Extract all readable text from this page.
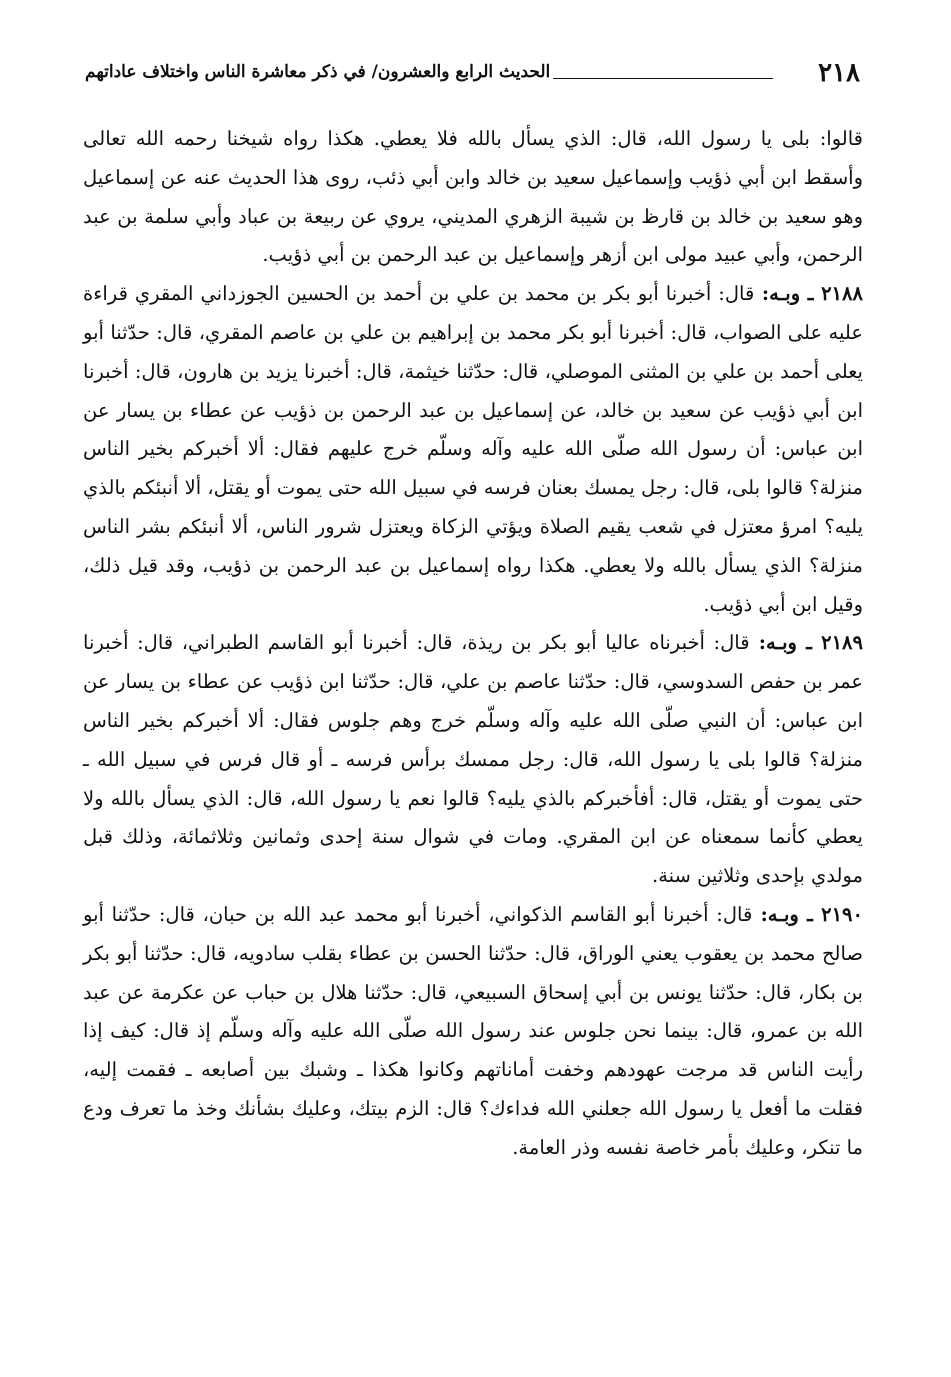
٢١٨
الحديث الرابع والعشرون/ في ذكر معاشرة الناس واختلاف عاداتهم

قالوا: بلى يا رسول الله، قال: الذي يسأل بالله فلا يعطي. هكذا رواه شيخنا رحمه الله تعالى وأسقط ابن أبي ذؤيب وإسماعيل سعيد بن خالد وابن أبي ذئب، روى هذا الحديث عنه عن إسماعيل وهو سعيد بن خالد بن قارظ بن شيبة الزهري المديني، يروي عن ربيعة بن عباد وأبي سلمة بن عبد الرحمن، وأبي عبيد مولى ابن أزهر وإسماعيل بن عبد الرحمن بن أبي ذؤيب.

٢١٨٨ ـ وبـه: قال: أخبرنا أبو بكر بن محمد بن علي بن أحمد بن الحسين الجوزداني المقري قراءة عليه على الصواب، قال: أخبرنا أبو بكر محمد بن إبراهيم بن علي بن عاصم المقري، قال: حدّثنا أبو يعلى أحمد بن علي بن المثنى الموصلي، قال: حدّثنا خيثمة، قال: أخبرنا يزيد بن هارون، قال: أخبرنا ابن أبي ذؤيب عن سعيد بن خالد، عن إسماعيل بن عبد الرحمن بن ذؤيب عن عطاء بن يسار عن ابن عباس: أن رسول الله صلّى الله عليه وآله وسلّم خرج عليهم فقال: ألا أخبركم بخير الناس منزلة؟ قالوا بلى، قال: رجل يمسك بعنان فرسه في سبيل الله حتى يموت أو يقتل، ألا أنبئكم بالذي يليه؟ امرؤ معتزل في شعب يقيم الصلاة ويؤتي الزكاة ويعتزل شرور الناس، ألا أنبئكم بشر الناس منزلة؟ الذي يسأل بالله ولا يعطي. هكذا رواه إسماعيل بن عبد الرحمن بن ذؤيب، وقد قيل ذلك، وقيل ابن أبي ذؤيب.

٢١٨٩ ـ وبـه: قال: أخبرناه عاليا أبو بكر بن ريذة، قال: أخبرنا أبو القاسم الطبراني، قال: أخبرنا عمر بن حفص السدوسي، قال: حدّثنا عاصم بن علي، قال: حدّثنا ابن ذؤيب عن عطاء بن يسار عن ابن عباس: أن النبي صلّى الله عليه وآله وسلّم خرج وهم جلوس فقال: ألا أخبركم بخير الناس منزلة؟ قالوا بلى يا رسول الله، قال: رجل ممسك برأس فرسه ـ أو قال فرس في سبيل الله ـ حتى يموت أو يقتل، قال: أفأخبركم بالذي يليه؟ قالوا نعم يا رسول الله، قال: الذي يسأل بالله ولا يعطي كأنما سمعناه عن ابن المقري. ومات في شوال سنة إحدى وثمانين وثلاثمائة، وذلك قبل مولدي بإحدى وثلاثين سنة.

٢١٩٠ ـ وبـه: قال: أخبرنا أبو القاسم الذكواني، أخبرنا أبو محمد عبد الله بن حبان، قال: حدّثنا أبو صالح محمد بن يعقوب يعني الوراق، قال: حدّثنا الحسن بن عطاء بقلب سادويه، قال: حدّثنا أبو بكر بن بكار، قال: حدّثنا يونس بن أبي إسحاق السبيعي، قال: حدّثنا هلال بن حباب عن عكرمة عن عبد الله بن عمرو، قال: بينما نحن جلوس عند رسول الله صلّى الله عليه وآله وسلّم إذ قال: كيف إذا رأيت الناس قد مرجت عهودهم وخفت أماناتهم وكانوا هكذا ـ وشبك بين أصابعه ـ فقمت إليه، فقلت ما أفعل يا رسول الله جعلني الله فداءك؟ قال: الزم بيتك، وعليك بشأنك وخذ ما تعرف ودع ما تنكر، وعليك بأمر خاصة نفسه وذر العامة.
